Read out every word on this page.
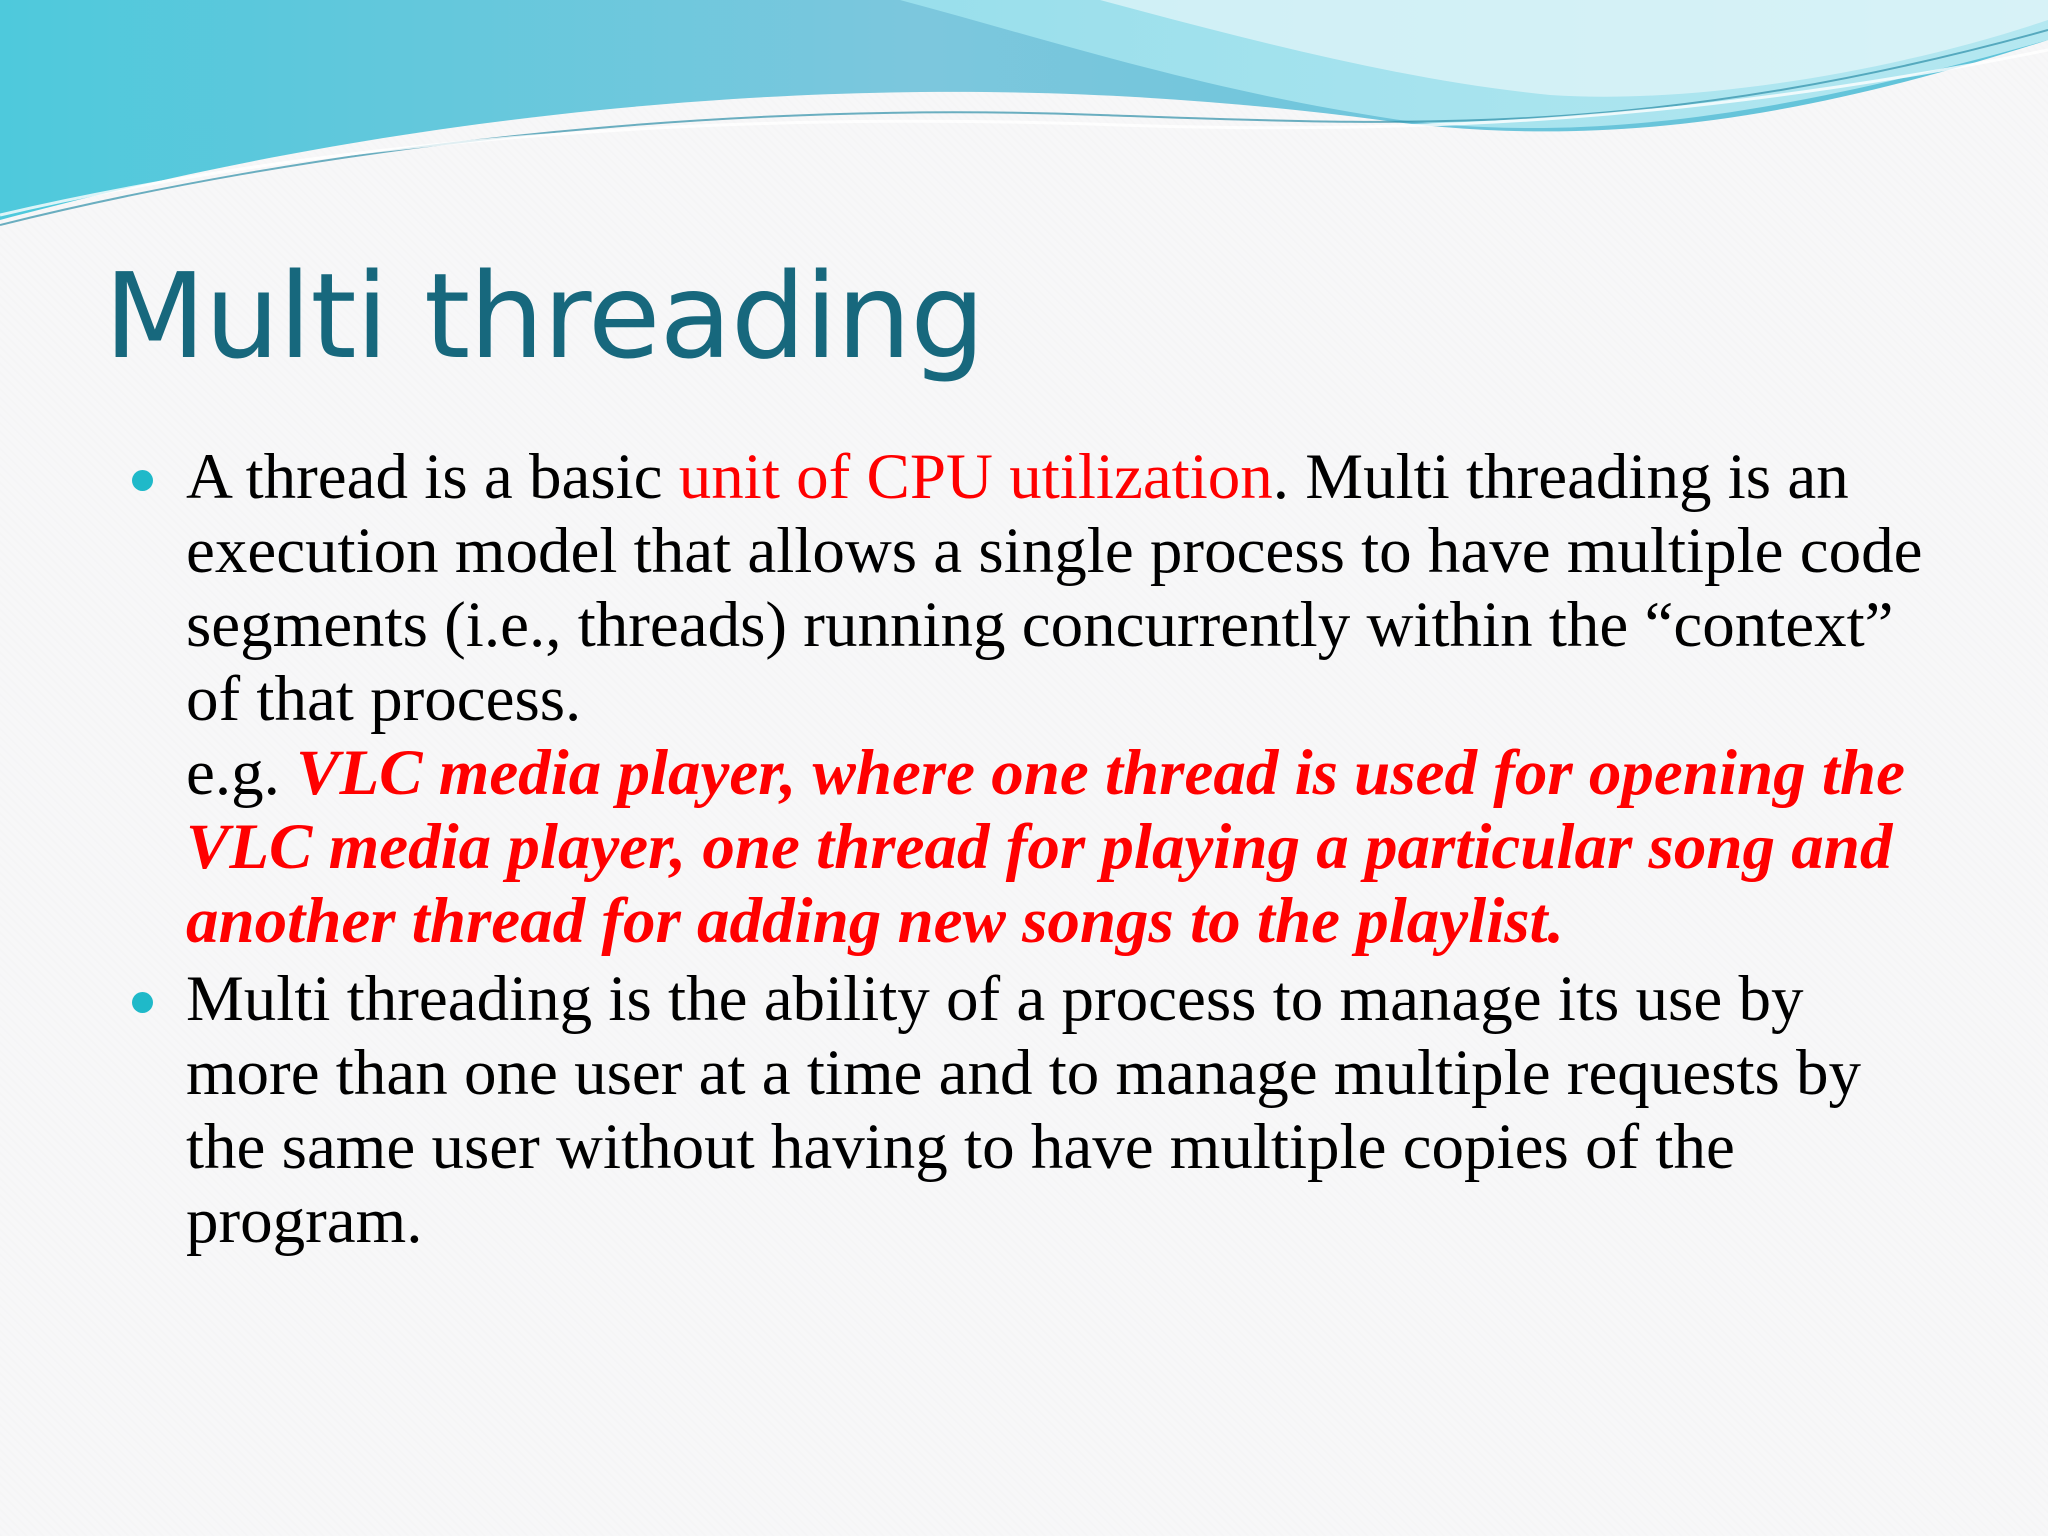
Multi threading
A thread is a basic unit of CPU utilization. Multi threading is an execution model that allows a single process to have multiple code segments (i.e., threads) running concurrently within the “context” of that process.
e.g. VLC media player, where one thread is used for opening the VLC media player, one thread for playing a particular song and another thread for adding new songs to the playlist.
Multi threading is the ability of a process to manage its use by more than one user at a time and to manage multiple requests by the same user without having to have multiple copies of the program.
